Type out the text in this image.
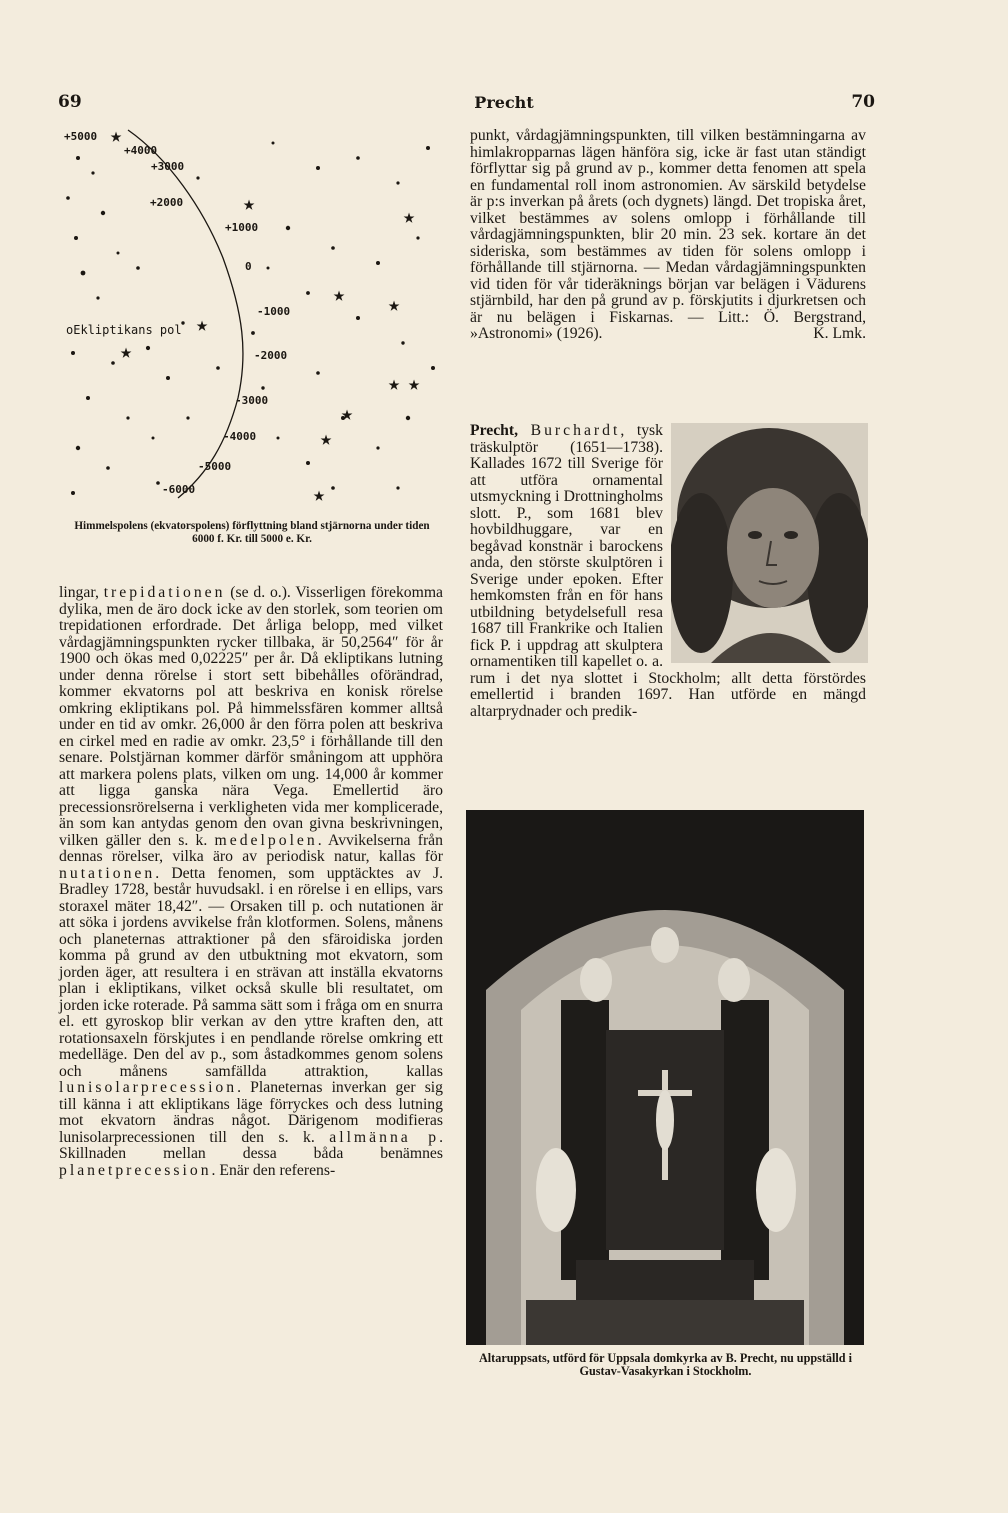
69	Precht	70
★
★
★
★ ★
★
★
★ ★
★
★
★
+5000
+4000
+3000
+2000
+1000
0
-1000
-2000
-3000
-4000
-5000
-6000
oEkliptikans pol
Himmelspolens (ekvatorspolens) förflyttning bland stjärnorna under tiden 6000 f. Kr. till 5000 e. Kr.

lingar, trepidationen (se d. o.). Visserligen förekomma dylika, men de äro dock icke av den storlek, som teorien om trepidationen erfordrade. Det årliga belopp, med vilket vårdagjämningspunkten rycker tillbaka, är 50,2564″ för år 1900 och ökas med 0,02225″ per år. Då ekliptikans lutning under denna rörelse i stort sett bibehålles oförändrad, kommer ekvatorns pol att beskriva en konisk rörelse omkring ekliptikans pol. På himmelssfären kommer alltså under en tid av omkr. 26,000 år den förra polen att beskriva en cirkel med en radie av omkr. 23,5° i förhållande till den senare. Polstjärnan kommer därför småningom att upphöra att markera polens plats, vilken om ung. 14,000 år kommer att ligga ganska nära Vega. Emellertid äro precessionsrörelserna i verkligheten vida mer komplicerade, än som kan antydas genom den ovan givna beskrivningen, vilken gäller den s. k. medelpolen. Avvikelserna från dennas rörelser, vilka äro av periodisk natur, kallas för nutationen. Detta fenomen, som upptäcktes av J. Bradley 1728, består huvudsakl. i en rörelse i en ellips, vars storaxel mäter 18,42″. — Orsaken till p. och nutationen är att söka i jordens avvikelse från klotformen. Solens, månens och planeternas attraktioner på den sfäroidiska jorden komma på grund av den utbuktning mot ekvatorn, som jorden äger, att resultera i en strävan att inställa ekvatorns plan i ekliptikans, vilket också skulle bli resultatet, om jorden icke roterade. På samma sätt som i fråga om en snurra el. ett gyroskop blir verkan av den yttre kraften den, att rotationsaxeln förskjutes i en pendlande rörelse omkring ett medelläge. Den del av p., som åstadkommes genom solens och månens samfällda attraktion, kallas lunisolarprecession. Planeternas inverkan ger sig till känna i att ekliptikans läge förryckes och dess lutning mot ekvatorn ändras något. Därigenom modifieras lunisolarprecessionen till den s. k. allmänna p. Skillnaden mellan dessa båda benämnes planetprecession. Enär den referens-

punkt, vårdagjämningspunkten, till vilken bestämningarna av himlakropparnas lägen hänföra sig, icke är fast utan ständigt förflyttar sig på grund av p., kommer detta fenomen att spela en fundamental roll inom astronomien. Av särskild betydelse är p:s inverkan på årets (och dygnets) längd. Det tropiska året, vilket bestämmes av solens omlopp i förhållande till vårdagjämningspunkten, blir 20 min. 23 sek. kortare än det sideriska, som bestämmes av tiden för solens omlopp i förhållande till stjärnorna. — Medan vårdagjämningspunkten vid tiden för vår tideräknings början var belägen i Vädurens stjärnbild, har den på grund av p. förskjutits i djurkretsen och är nu belägen i Fiskarnas. — Litt.: Ö. Bergstrand, »Astronomi» (1926).	K. Lmk.

Precht, Burchardt, tysk träskulptör (1651—1738). Kallades 1672 till Sverige för att utföra ornamental utsmyckning i Drottningholms slott. P., som 1681 blev hovbildhuggare, var en begåvad konstnär i barockens anda, den störste skulptören i Sverige under epoken. Efter hemkomsten från en för hans utbildning betydelsefull resa 1687 till Frankrike och Italien fick P. i uppdrag att skulptera ornamentiken till kapellet o. a. rum i det nya slottet i Stockholm; allt detta förstördes emellertid i branden 1697. Han utförde en mängd altarprydnader och predik-

Altaruppsats, utförd för Uppsala domkyrka av B. Precht, nu uppställd i Gustav-Vasakyrkan i Stockholm.
